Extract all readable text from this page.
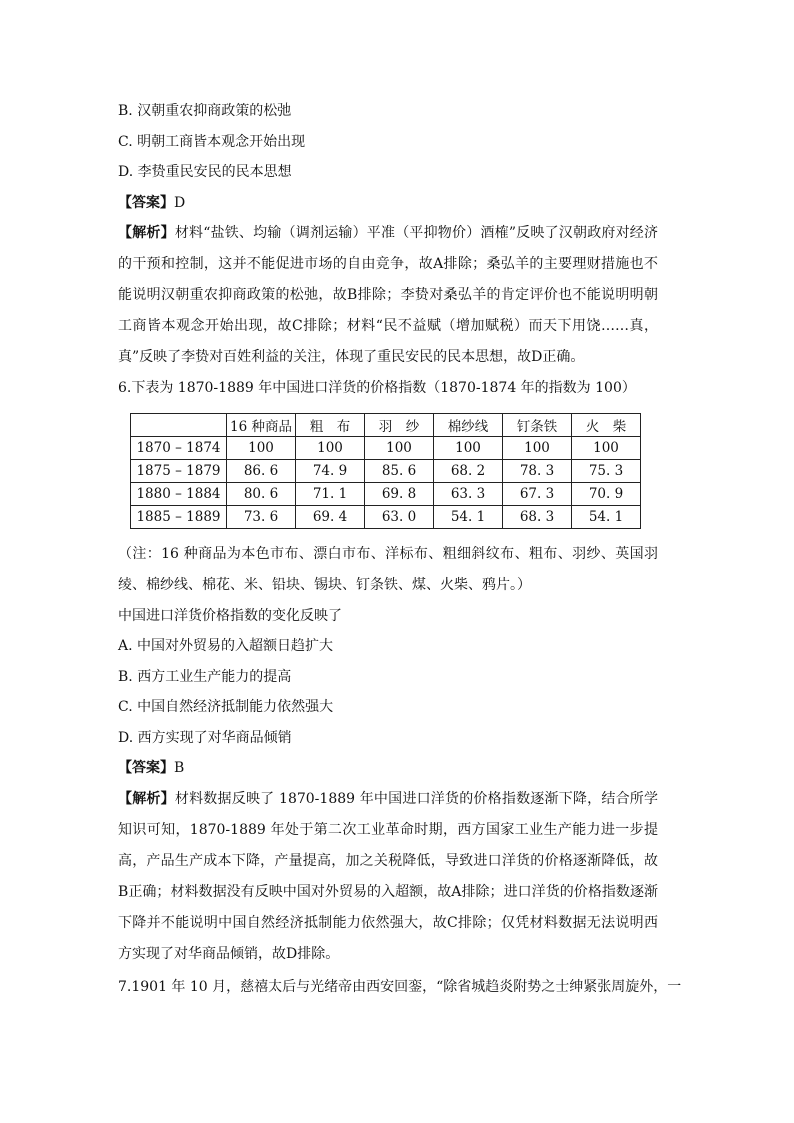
B. 汉朝重农抑商政策的松弛
C. 明朝工商皆本观念开始出现
D. 李贽重民安民的民本思想
【答案】D
【解析】材料“盐铁、均输（调剂运输）平准（平抑物价）酒榷”反映了汉朝政府对经济的干预和控制，这并不能促进市场的自由竞争，故A排除；桑弘羊的主要理财措施也不能说明汉朝重农抑商政策的松弛，故B排除；李贽对桑弘羊的肯定评价也不能说明明朝工商皆本观念开始出现，故C排除；材料“民不益赋（增加赋税）而天下用饶……真，真”反映了李贽对百姓利益的关注，体现了重民安民的民本思想，故D正确。
6.下表为 1870-1889 年中国进口洋货的价格指数（1870-1874 年的指数为 100）
	16 种商品	粗　布	羽　纱	棉纱线	钉条铁	火　柴
1870 – 1874	100	100	100	100	100	100
1875 – 1879	86. 6	74. 9	85. 6	68. 2	78. 3	75. 3
1880 – 1884	80. 6	71. 1	69. 8	63. 3	67. 3	70. 9
1885 – 1889	73. 6	69. 4	63. 0	54. 1	68. 3	54. 1
（注：16 种商品为本色市布、漂白市布、洋标布、粗细斜纹布、粗布、羽纱、英国羽绫、棉纱线、棉花、米、铅块、锡块、钉条铁、煤、火柴、鸦片。）
中国进口洋货价格指数的变化反映了
A. 中国对外贸易的入超额日趋扩大
B. 西方工业生产能力的提高
C. 中国自然经济抵制能力依然强大
D. 西方实现了对华商品倾销
【答案】B
【解析】材料数据反映了 1870-1889 年中国进口洋货的价格指数逐渐下降，结合所学知识可知，1870-1889 年处于第二次工业革命时期，西方国家工业生产能力进一步提高，产品生产成本下降，产量提高，加之关税降低，导致进口洋货的价格逐渐降低，故B正确；材料数据没有反映中国对外贸易的入超额，故A排除；进口洋货的价格指数逐渐下降并不能说明中国自然经济抵制能力依然强大，故C排除；仅凭材料数据无法说明西方实现了对华商品倾销，故D排除。
7.1901 年 10 月，慈禧太后与光绪帝由西安回銮，“除省城趋炎附势之士绅紧张周旋外，一
